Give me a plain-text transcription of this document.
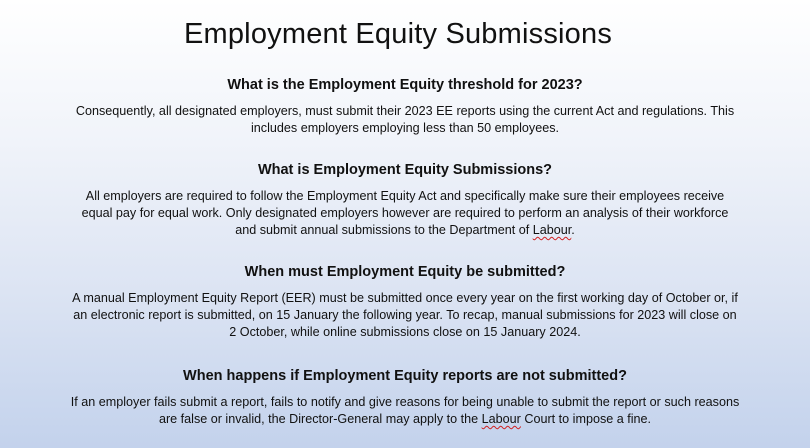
Employment Equity Submissions

What is the Employment Equity threshold for 2023?

Consequently, all designated employers, must submit their 2023 EE reports using the current Act and regulations. This includes employers employing less than 50 employees.

What is Employment Equity Submissions?

All employers are required to follow the Employment Equity Act and specifically make sure their employees receive equal pay for equal work. Only designated employers however are required to perform an analysis of their workforce and submit annual submissions to the Department of Labour.

When must Employment Equity be submitted?

A manual Employment Equity Report (EER) must be submitted once every year on the first working day of October or, if an electronic report is submitted, on 15 January the following year. To recap, manual submissions for 2023 will close on 2 October, while online submissions close on 15 January 2024.

When happens if Employment Equity reports are not submitted?

If an employer fails submit a report, fails to notify and give reasons for being unable to submit the report or such reasons are false or invalid, the Director-General may apply to the Labour Court to impose a fine.
